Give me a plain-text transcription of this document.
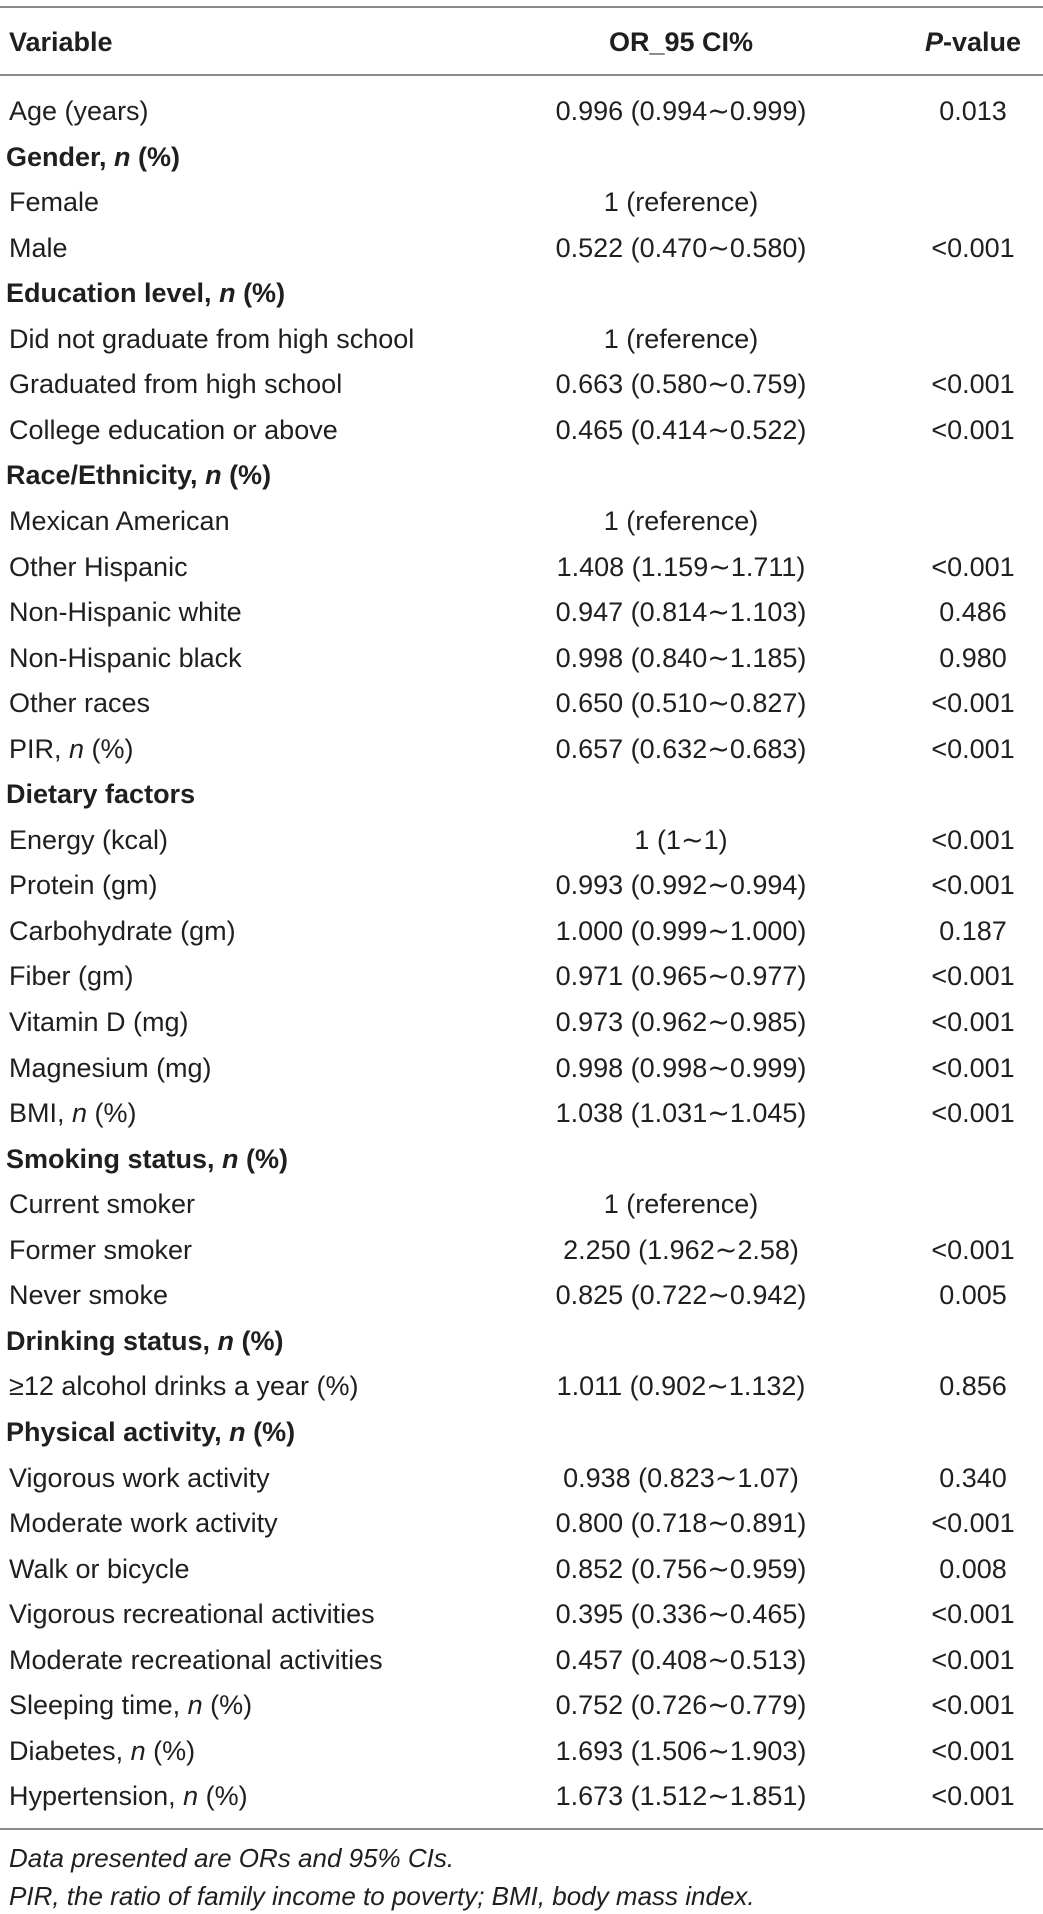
Variable	OR_95 CI%	P-value
Age (years)	0.996 (0.994∼0.999)	0.013
Gender, n (%)
Female	1 (reference)
Male	0.522 (0.470∼0.580)	<0.001
Education level, n (%)
Did not graduate from high school	1 (reference)
Graduated from high school	0.663 (0.580∼0.759)	<0.001
College education or above	0.465 (0.414∼0.522)	<0.001
Race/Ethnicity, n (%)
Mexican American	1 (reference)
Other Hispanic	1.408 (1.159∼1.711)	<0.001
Non-Hispanic white	0.947 (0.814∼1.103)	0.486
Non-Hispanic black	0.998 (0.840∼1.185)	0.980
Other races	0.650 (0.510∼0.827)	<0.001
PIR, n (%)	0.657 (0.632∼0.683)	<0.001
Dietary factors
Energy (kcal)	1 (1∼1)	<0.001
Protein (gm)	0.993 (0.992∼0.994)	<0.001
Carbohydrate (gm)	1.000 (0.999∼1.000)	0.187
Fiber (gm)	0.971 (0.965∼0.977)	<0.001
Vitamin D (mg)	0.973 (0.962∼0.985)	<0.001
Magnesium (mg)	0.998 (0.998∼0.999)	<0.001
BMI, n (%)	1.038 (1.031∼1.045)	<0.001
Smoking status, n (%)
Current smoker	1 (reference)
Former smoker	2.250 (1.962∼2.58)	<0.001
Never smoke	0.825 (0.722∼0.942)	0.005
Drinking status, n (%)
≥12 alcohol drinks a year (%)	1.011 (0.902∼1.132)	0.856
Physical activity, n (%)
Vigorous work activity	0.938 (0.823∼1.07)	0.340
Moderate work activity	0.800 (0.718∼0.891)	<0.001
Walk or bicycle	0.852 (0.756∼0.959)	0.008
Vigorous recreational activities	0.395 (0.336∼0.465)	<0.001
Moderate recreational activities	0.457 (0.408∼0.513)	<0.001
Sleeping time, n (%)	0.752 (0.726∼0.779)	<0.001
Diabetes, n (%)	1.693 (1.506∼1.903)	<0.001
Hypertension, n (%)	1.673 (1.512∼1.851)	<0.001
Data presented are ORs and 95% CIs.
PIR, the ratio of family income to poverty; BMI, body mass index.
